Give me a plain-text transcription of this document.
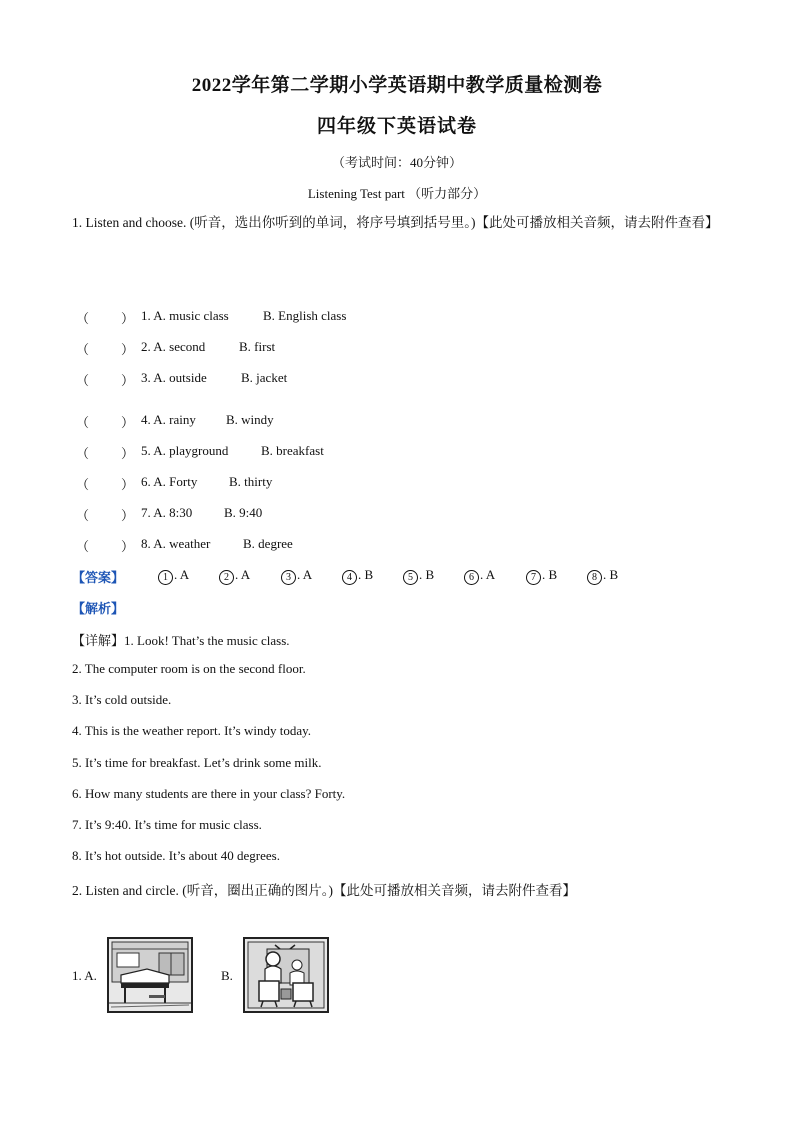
2022学年第二学期小学英语期中教学质量检测卷
四年级下英语试卷
（考试时间：40分钟）
Listening Test part （听力部分）
1. Listen and choose. (听音，选出你听到的单词，将序号填到括号里。)【此处可播放相关音频，请去附件查看】
（ ） 1. A. music class	B. English class
（ ） 2. A. second	B. first
（ ） 3. A. outside	B. jacket
（ ） 4. A. rainy B. windy
（ ） 5. A. playground	B. breakfast
（ ） 6. A. Forty B. thirty
（ ） 7. A. 8:30 B. 9:40
（ ） 8. A. weather	B. degree
【答案】	1 . A	2 . A	3 . A	4 . B	5 . B	6 . A	7 . B	8 . B
【解析】
【详解】1. Look! That’s the music class.
2. The computer room is on the second floor.
3. It’s cold outside.
4. This is the weather report. It’s windy today.
5. It’s time for breakfast. Let’s drink some milk.
6. How many students are there in your class? Forty.
7. It’s 9:40. It’s time for music class.
8. It’s hot outside. It’s about 40 degrees.
2. Listen and circle. (听音，圈出正确的图片。)【此处可播放相关音频，请去附件查看】
1. A.	B.
